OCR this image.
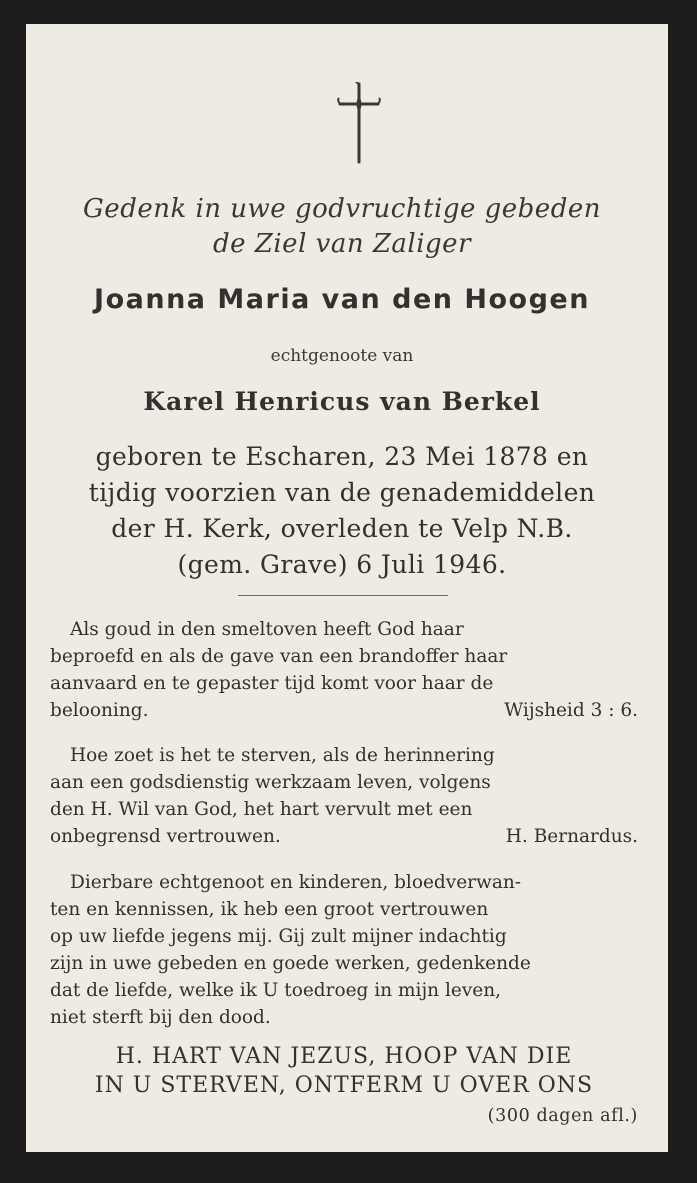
Gedenk in uwe godvruchtige gebeden
de Ziel van Zaliger
Joanna Maria van den Hoogen
echtgenoote van
Karel Henricus van Berkel
geboren te Escharen, 23 Mei 1878 en
tijdig voorzien van de genademiddelen
der H. Kerk, overleden te Velp N.B.
(gem. Grave) 6 Juli 1946.
Als goud in den smeltoven heeft God haar
beproefd en als de gave van een brandoffer haar
aanvaard en te gepaster tijd komt voor haar de
belooning.	Wijsheid 3 : 6.
Hoe zoet is het te sterven, als de herinnering
aan een godsdienstig werkzaam leven, volgens
den H. Wil van God, het hart vervult met een
onbegrensd vertrouwen.	H. Bernardus.
Dierbare echtgenoot en kinderen, bloedverwan-
ten en kennissen, ik heb een groot vertrouwen
op uw liefde jegens mij. Gij zult mijner indachtig
zijn in uwe gebeden en goede werken, gedenkende
dat de liefde, welke ik U toedroeg in mijn leven,
niet sterft bij den dood.
H. HART VAN JEZUS, HOOP VAN DIE
IN U STERVEN, ONTFERM U OVER ONS
(300 dagen afl.)
